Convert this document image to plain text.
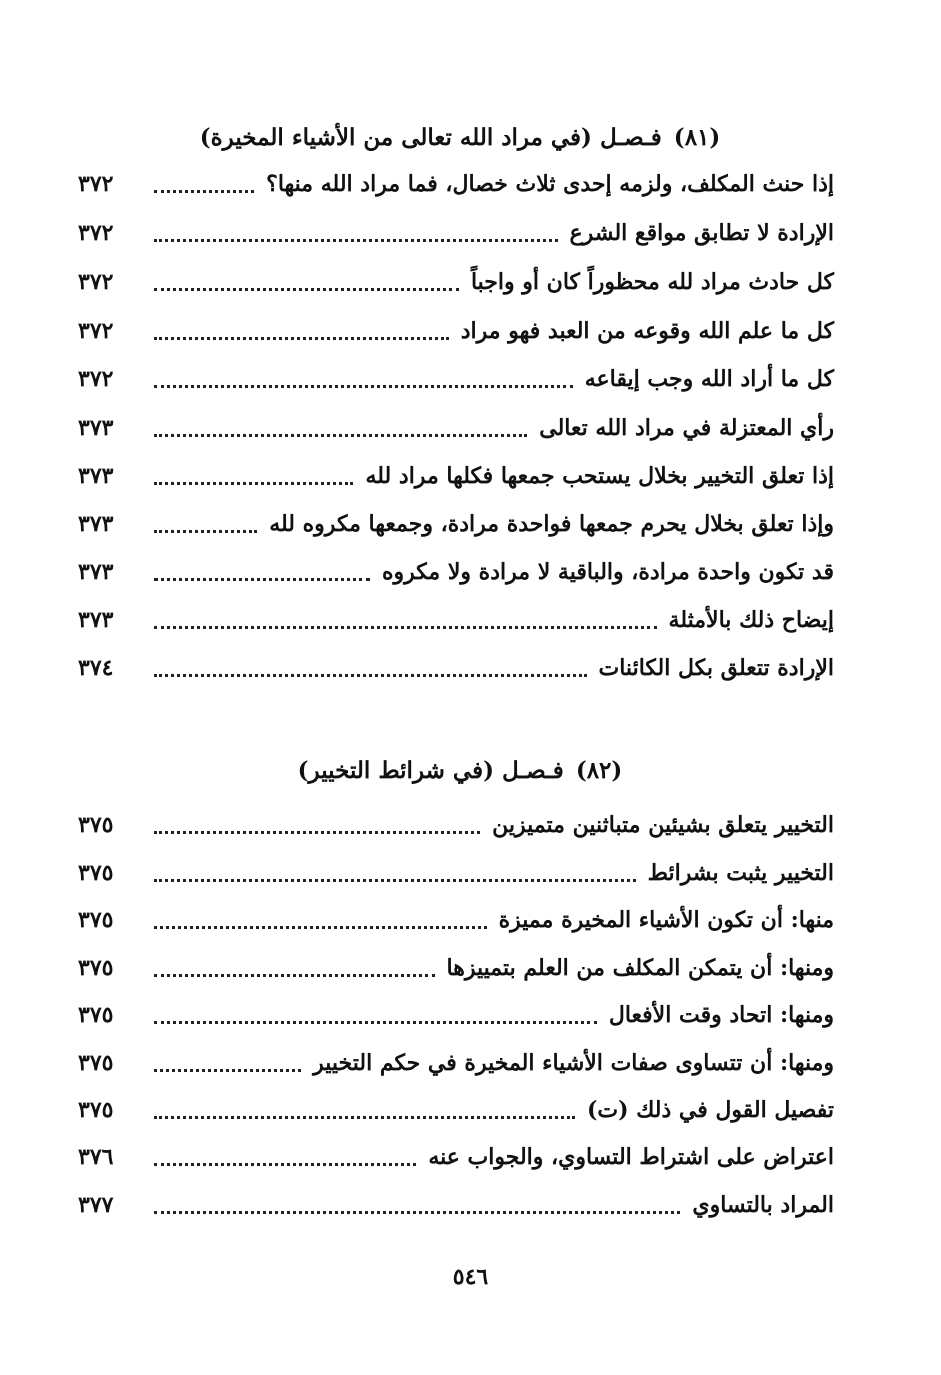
(٨١)فـصـل(في مراد الله تعالى من الأشياء المخيرة)
إذا حنث المكلف، ولزمه إحدى ثلاث خصال، فما مراد الله منها؟
٣٧٢
الإرادة لا تطابق مواقع الشرع
٣٧٢
كل حادث مراد لله محظوراً كان أو واجباً
٣٧٢
كل ما علم الله وقوعه من العبد فهو مراد
٣٧٢
كل ما أراد الله وجب إيقاعه
٣٧٢
رأي المعتزلة في مراد الله تعالى
٣٧٣
إذا تعلق التخيير بخلال يستحب جمعها فكلها مراد لله
٣٧٣
وإذا تعلق بخلال يحرم جمعها فواحدة مرادة، وجمعها مكروه لله
٣٧٣
قد تكون واحدة مرادة، والباقية لا مرادة ولا مكروه
٣٧٣
إيضاح ذلك بالأمثلة
٣٧٣
الإرادة تتعلق بكل الكائنات
٣٧٤
(٨٢)فـصـل(في شرائط التخيير)
التخيير يتعلق بشيئين متباثنين متميزين
٣٧٥
التخيير يثبت بشرائط
٣٧٥
منها: أن تكون الأشياء المخيرة مميزة
٣٧٥
ومنها: أن يتمكن المكلف من العلم بتمييزها
٣٧٥
ومنها: اتحاد وقت الأفعال
٣٧٥
ومنها: أن تتساوى صفات الأشياء المخيرة في حكم التخيير
٣٧٥
تفصيل القول في ذلك (ت)
٣٧٥
اعتراض على اشتراط التساوي، والجواب عنه
٣٧٦
المراد بالتساوي
٣٧٧
٥٤٦
